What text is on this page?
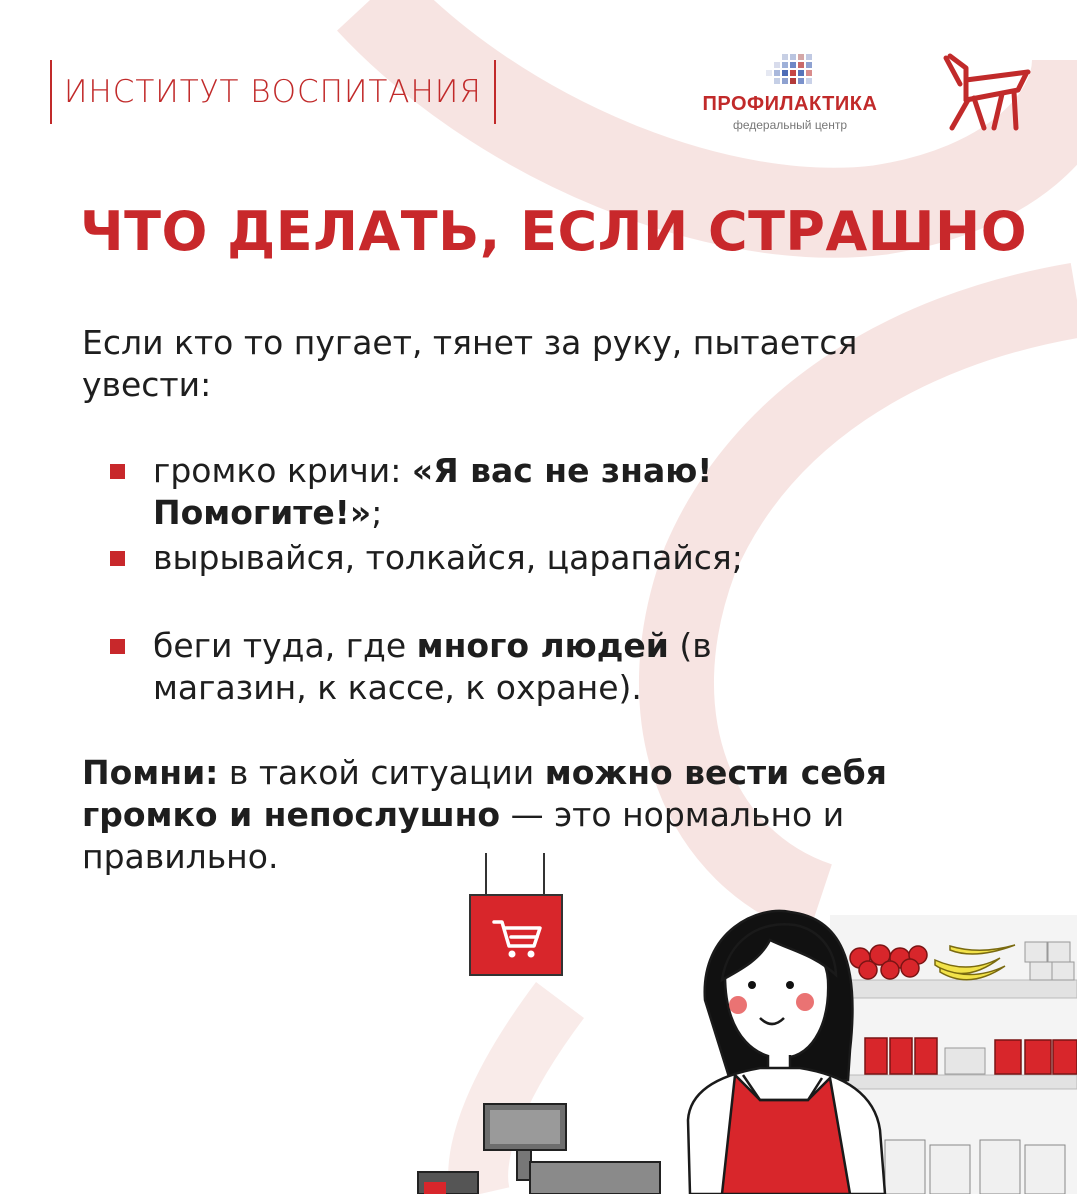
ИНСТИТУТ ВОСПИТАНИЯ	ПРОФИЛАКТИКА
федеральный центр
ЧТО ДЕЛАТЬ, ЕСЛИ СТРАШНО
Если кто то пугает, тянет за руку, пытается увести:
громко кричи: «Я вас не знаю! Помогите!»;
вырывайся, толкайся, царапайся;
беги туда, где много людей (в магазин, к кассе, к охране).
Помни: в такой ситуации можно вести себя громко и непослушно — это нормально и правильно.
